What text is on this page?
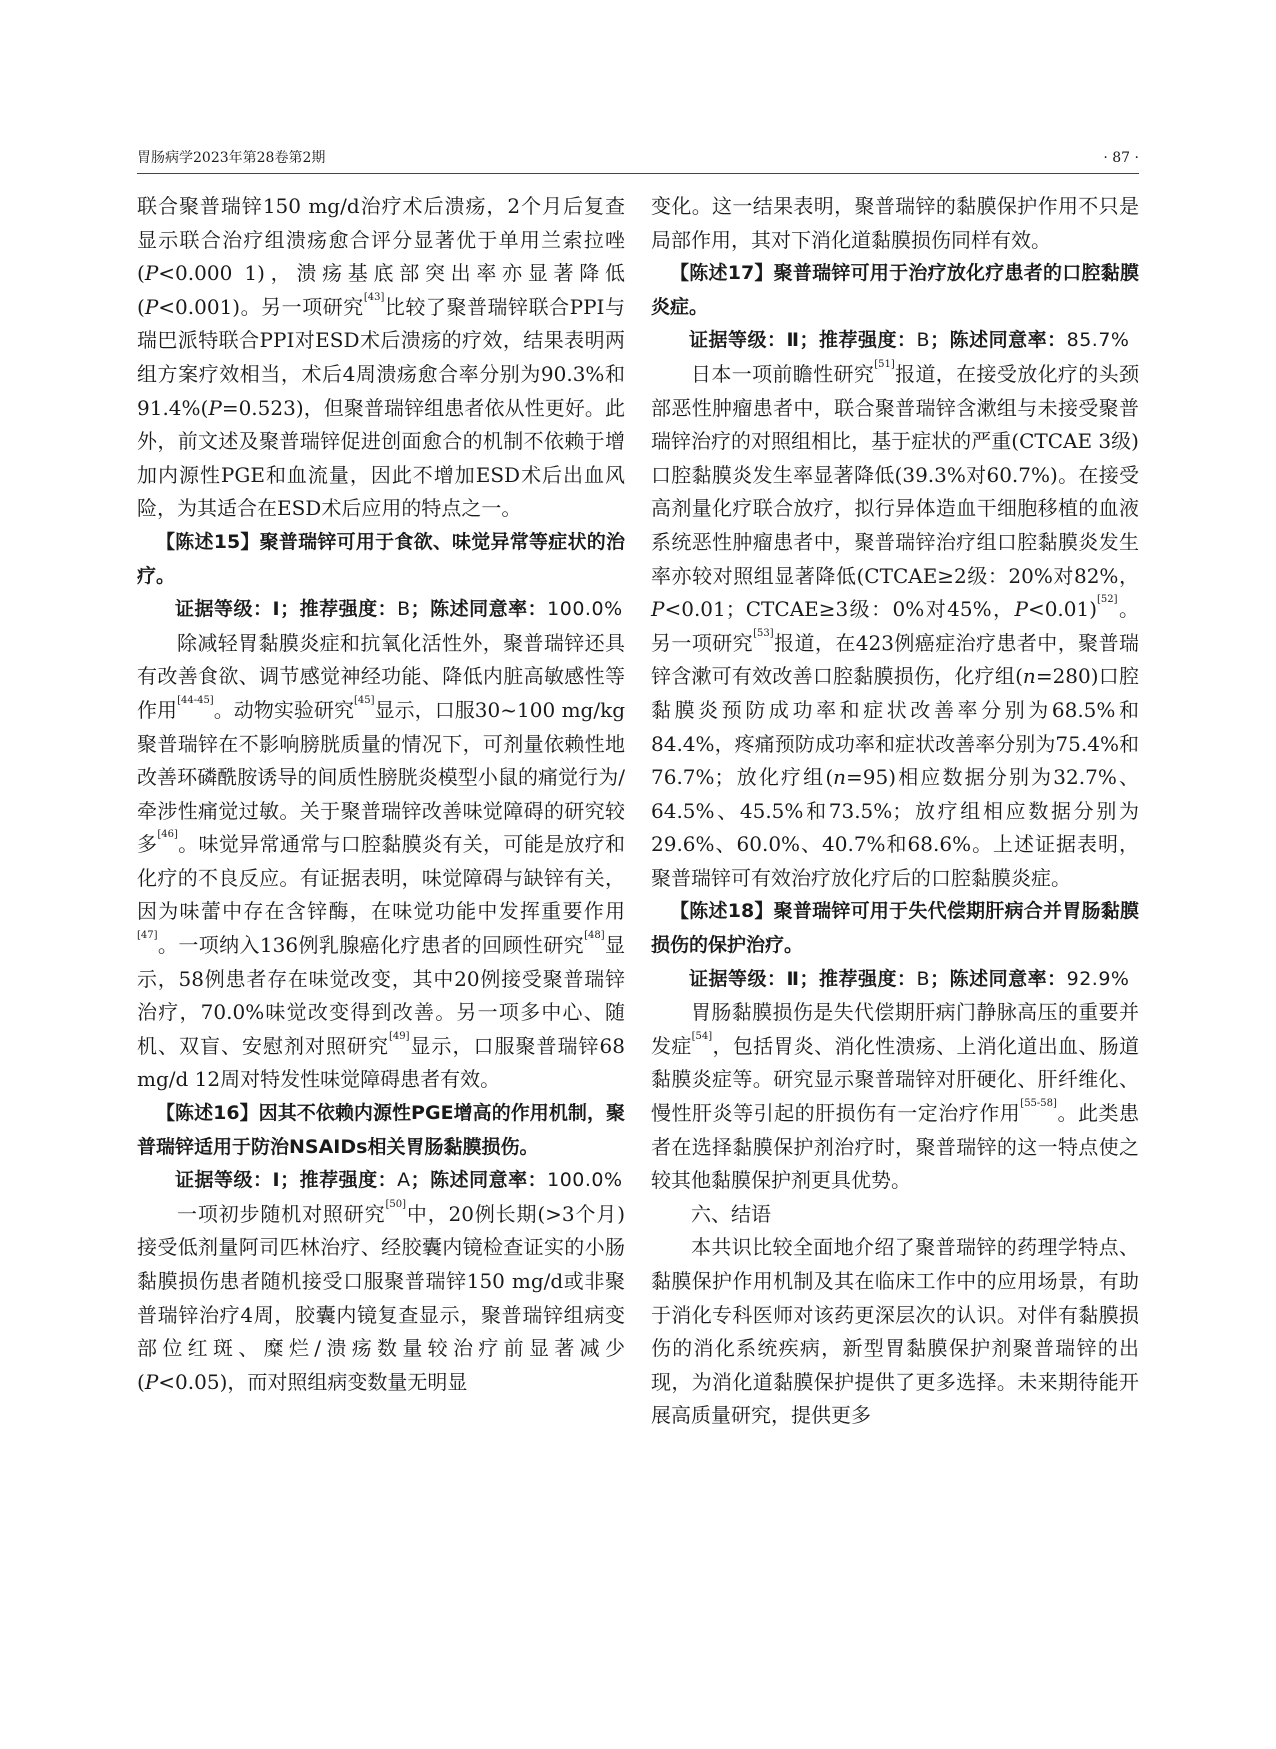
胃肠病学2023年第28卷第2期	· 87 ·

联合聚普瑞锌150 mg/d治疗术后溃疡，2个月后复查显示联合治疗组溃疡愈合评分显著优于单用兰索拉唑(P<0.000 1)，溃疡基底部突出率亦显著降低(P<0.001)。另一项研究[43]比较了聚普瑞锌联合PPI与瑞巴派特联合PPI对ESD术后溃疡的疗效，结果表明两组方案疗效相当，术后4周溃疡愈合率分别为90.3%和91.4%(P=0.523)，但聚普瑞锌组患者依从性更好。此外，前文述及聚普瑞锌促进创面愈合的机制不依赖于增加内源性PGE和血流量，因此不增加ESD术后出血风险，为其适合在ESD术后应用的特点之一。

【陈述15】聚普瑞锌可用于食欲、味觉异常等症状的治疗。

证据等级：Ⅰ；推荐强度：B；陈述同意率：100.0%

除减轻胃黏膜炎症和抗氧化活性外，聚普瑞锌还具有改善食欲、调节感觉神经功能、降低内脏高敏感性等作用[44-45]。动物实验研究[45]显示，口服30~100 mg/kg聚普瑞锌在不影响膀胱质量的情况下，可剂量依赖性地改善环磷酰胺诱导的间质性膀胱炎模型小鼠的痛觉行为/牵涉性痛觉过敏。关于聚普瑞锌改善味觉障碍的研究较多[46]。味觉异常通常与口腔黏膜炎有关，可能是放疗和化疗的不良反应。有证据表明，味觉障碍与缺锌有关，因为味蕾中存在含锌酶，在味觉功能中发挥重要作用[47]。一项纳入136例乳腺癌化疗患者的回顾性研究[48]显示，58例患者存在味觉改变，其中20例接受聚普瑞锌治疗，70.0%味觉改变得到改善。另一项多中心、随机、双盲、安慰剂对照研究[49]显示，口服聚普瑞锌68 mg/d 12周对特发性味觉障碍患者有效。

【陈述16】因其不依赖内源性PGE增高的作用机制，聚普瑞锌适用于防治NSAIDs相关胃肠黏膜损伤。

证据等级：Ⅰ；推荐强度：A；陈述同意率：100.0%

一项初步随机对照研究[50]中，20例长期(>3个月)接受低剂量阿司匹林治疗、经胶囊内镜检查证实的小肠黏膜损伤患者随机接受口服聚普瑞锌150 mg/d或非聚普瑞锌治疗4周，胶囊内镜复查显示，聚普瑞锌组病变部位红斑、糜烂/溃疡数量较治疗前显著减少(P<0.05)，而对照组病变数量无明显

变化。这一结果表明，聚普瑞锌的黏膜保护作用不只是局部作用，其对下消化道黏膜损伤同样有效。

【陈述17】聚普瑞锌可用于治疗放化疗患者的口腔黏膜炎症。

证据等级：Ⅱ；推荐强度：B；陈述同意率：85.7%

日本一项前瞻性研究[51]报道，在接受放化疗的头颈部恶性肿瘤患者中，联合聚普瑞锌含漱组与未接受聚普瑞锌治疗的对照组相比，基于症状的严重(CTCAE 3级)口腔黏膜炎发生率显著降低(39.3%对60.7%)。在接受高剂量化疗联合放疗，拟行异体造血干细胞移植的血液系统恶性肿瘤患者中，聚普瑞锌治疗组口腔黏膜炎发生率亦较对照组显著降低(CTCAE≥2级：20%对82%，P<0.01；CTCAE≥3级：0%对45%，P<0.01)[52]。另一项研究[53]报道，在423例癌症治疗患者中，聚普瑞锌含漱可有效改善口腔黏膜损伤，化疗组(n=280)口腔黏膜炎预防成功率和症状改善率分别为68.5%和84.4%，疼痛预防成功率和症状改善率分别为75.4%和76.7%；放化疗组(n=95)相应数据分别为32.7%、64.5%、45.5%和73.5%；放疗组相应数据分别为29.6%、60.0%、40.7%和68.6%。上述证据表明，聚普瑞锌可有效治疗放化疗后的口腔黏膜炎症。

【陈述18】聚普瑞锌可用于失代偿期肝病合并胃肠黏膜损伤的保护治疗。

证据等级：Ⅱ；推荐强度：B；陈述同意率：92.9%

胃肠黏膜损伤是失代偿期肝病门静脉高压的重要并发症[54]，包括胃炎、消化性溃疡、上消化道出血、肠道黏膜炎症等。研究显示聚普瑞锌对肝硬化、肝纤维化、慢性肝炎等引起的肝损伤有一定治疗作用[55-58]。此类患者在选择黏膜保护剂治疗时，聚普瑞锌的这一特点使之较其他黏膜保护剂更具优势。

六、结语

本共识比较全面地介绍了聚普瑞锌的药理学特点、黏膜保护作用机制及其在临床工作中的应用场景，有助于消化专科医师对该药更深层次的认识。对伴有黏膜损伤的消化系统疾病，新型胃黏膜保护剂聚普瑞锌的出现，为消化道黏膜保护提供了更多选择。未来期待能开展高质量研究，提供更多
